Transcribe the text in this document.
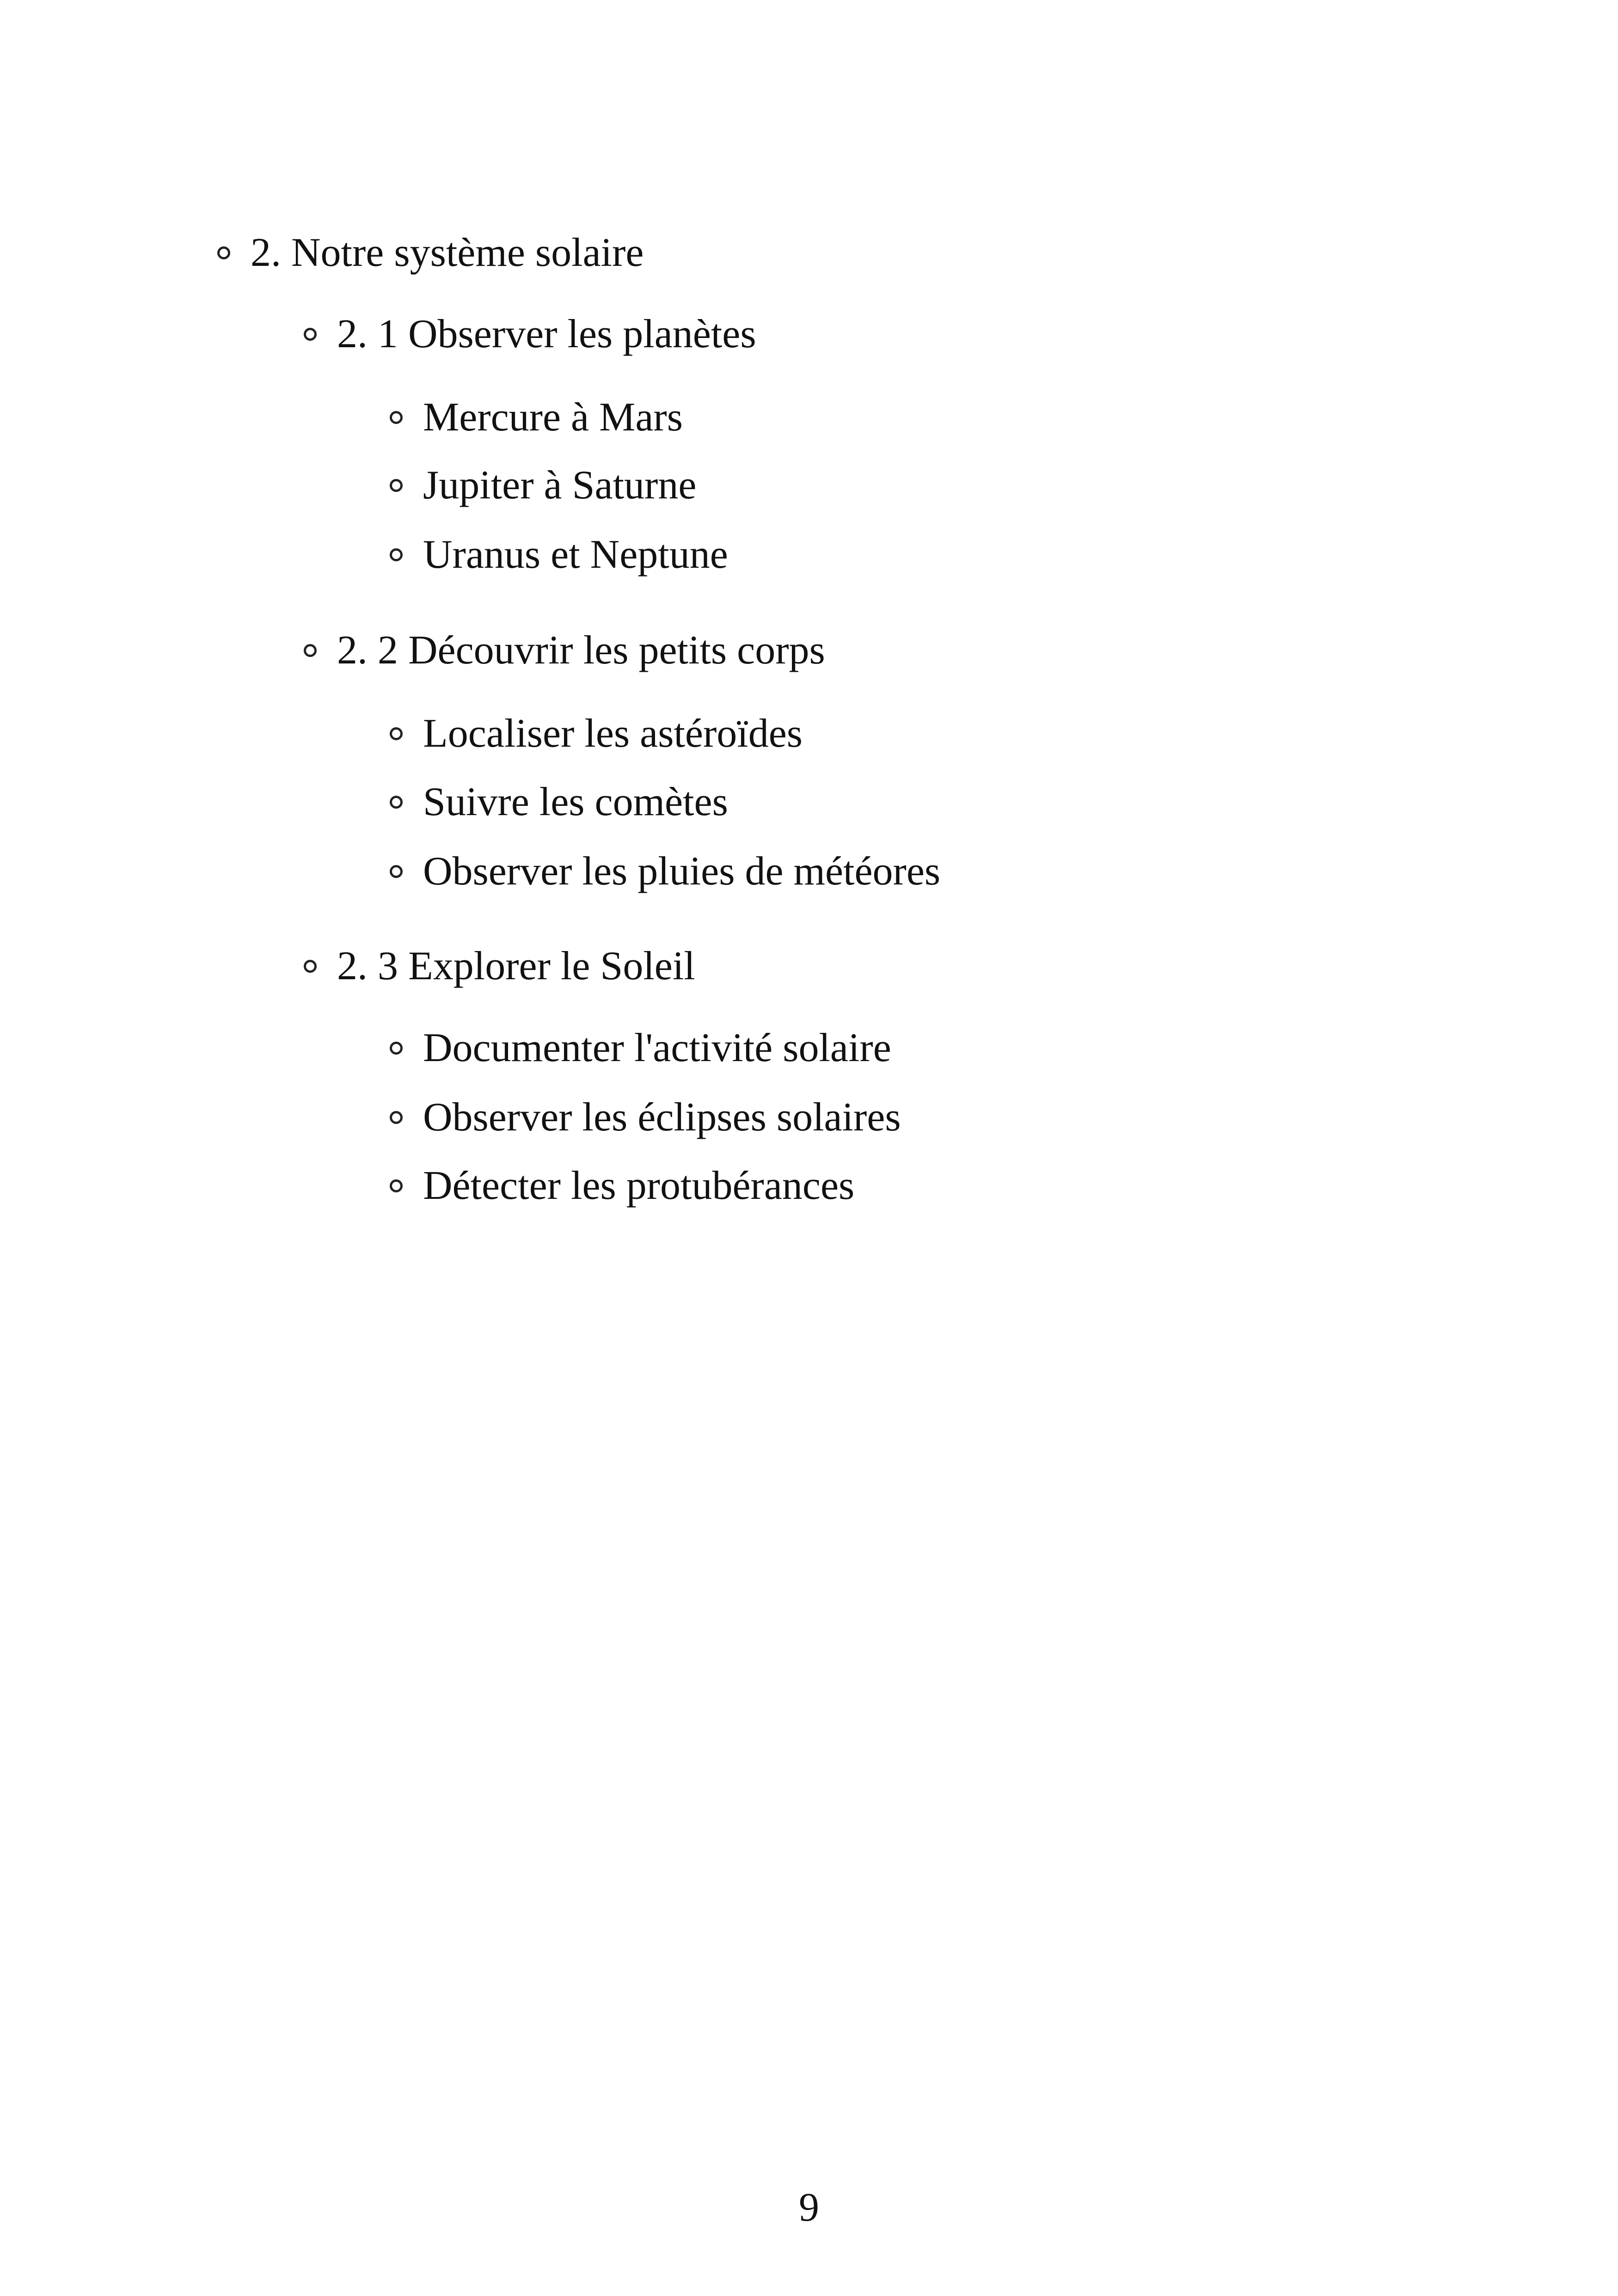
2. Notre système solaire
2. 1 Observer les planètes
Mercure à Mars
Jupiter à Saturne
Uranus et Neptune
2. 2 Découvrir les petits corps
Localiser les astéroïdes
Suivre les comètes
Observer les pluies de météores
2. 3 Explorer le Soleil
Documenter l'activité solaire
Observer les éclipses solaires
Détecter les protubérances
9
